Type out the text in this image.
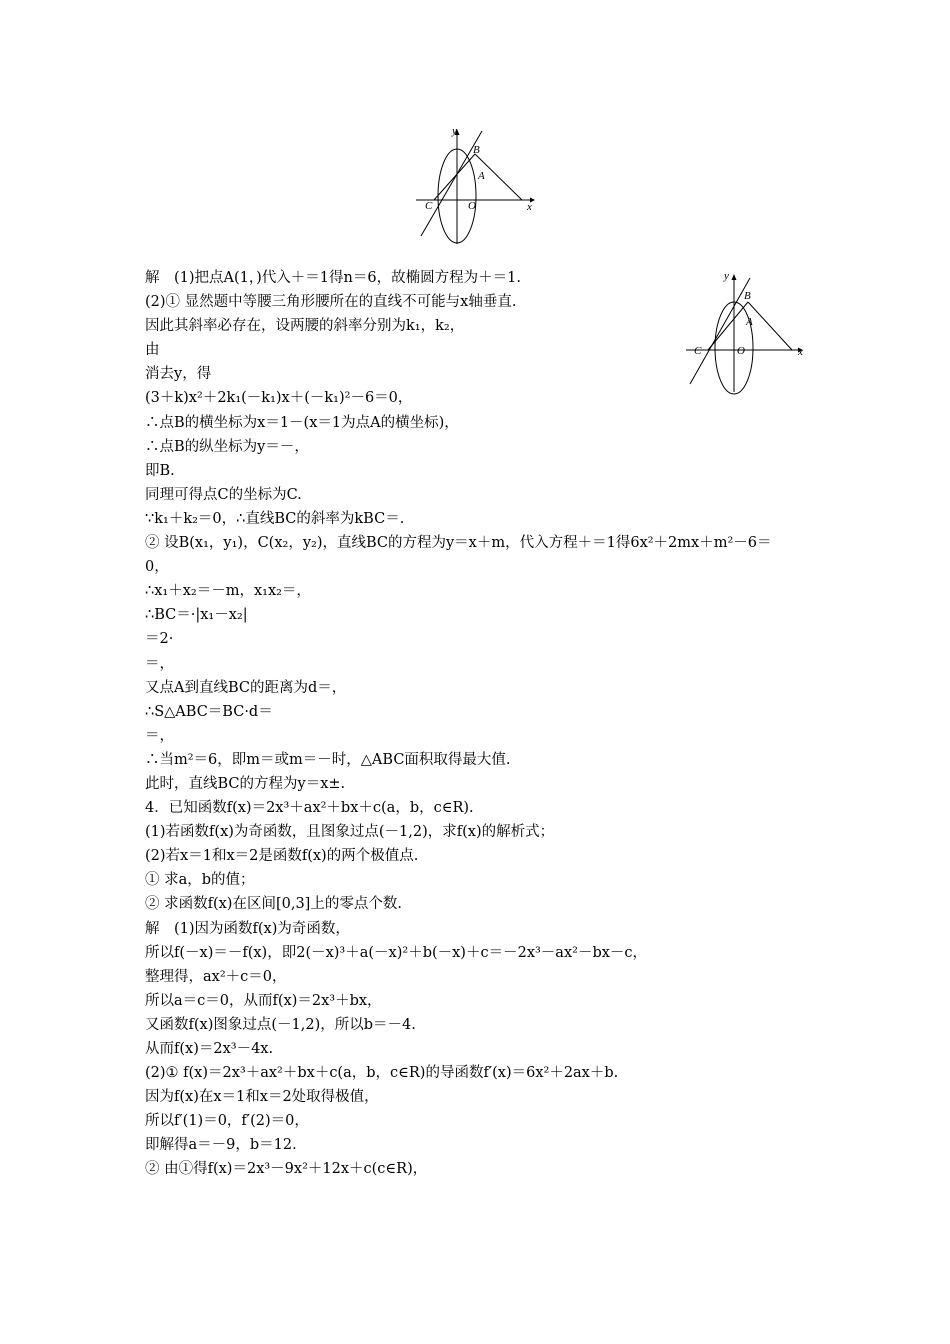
y
x
B
A
C	O
y
x
B
A
C	O
解　(1)把点A(1，)代入＋＝1得n＝6，故椭圆方程为＋＝1.
(2)① 显然题中等腰三角形腰所在的直线不可能与x轴垂直.
因此其斜率必存在，设两腰的斜率分别为k₁，k₂，
由
消去y，得
(3＋k)x²＋2k₁(－k₁)x＋(－k₁)²－6＝0，
∴点B的横坐标为x＝1－(x＝1为点A的横坐标)，
∴点B的纵坐标为y＝－，
即B.
同理可得点C的坐标为C.
∵k₁＋k₂＝0，∴直线BC的斜率为kBC＝.
② 设B(x₁，y₁)，C(x₂，y₂)，直线BC的方程为y＝x＋m，代入方程＋＝1得6x²＋2mx＋m²－6＝
0，
∴x₁＋x₂＝－m，x₁x₂＝，
∴BC＝·|x₁－x₂|
＝2·
＝，
又点A到直线BC的距离为d＝，
∴S△ABC＝BC·d＝
＝，
∴当m²＝6，即m＝或m＝－时，△ABC面积取得最大值.
此时，直线BC的方程为y＝x±.
4．已知函数f(x)＝2x³＋ax²＋bx＋c(a，b，c∈R).
(1)若函数f(x)为奇函数，且图象过点(－1,2)，求f(x)的解析式；
(2)若x＝1和x＝2是函数f(x)的两个极值点.
① 求a，b的值；
② 求函数f(x)在区间[0,3]上的零点个数.
解　(1)因为函数f(x)为奇函数，
所以f(－x)＝－f(x)，即2(－x)³＋a(－x)²＋b(－x)＋c＝－2x³－ax²－bx－c，
整理得，ax²＋c＝0，
所以a＝c＝0，从而f(x)＝2x³＋bx，
又函数f(x)图象过点(－1,2)，所以b＝－4.
从而f(x)＝2x³－4x.
(2)① f(x)＝2x³＋ax²＋bx＋c(a，b，c∈R)的导函数f′(x)＝6x²＋2ax＋b.
因为f(x)在x＝1和x＝2处取得极值，
所以f′(1)＝0，f′(2)＝0，
即解得a＝－9，b＝12.
② 由①得f(x)＝2x³－9x²＋12x＋c(c∈R)，
